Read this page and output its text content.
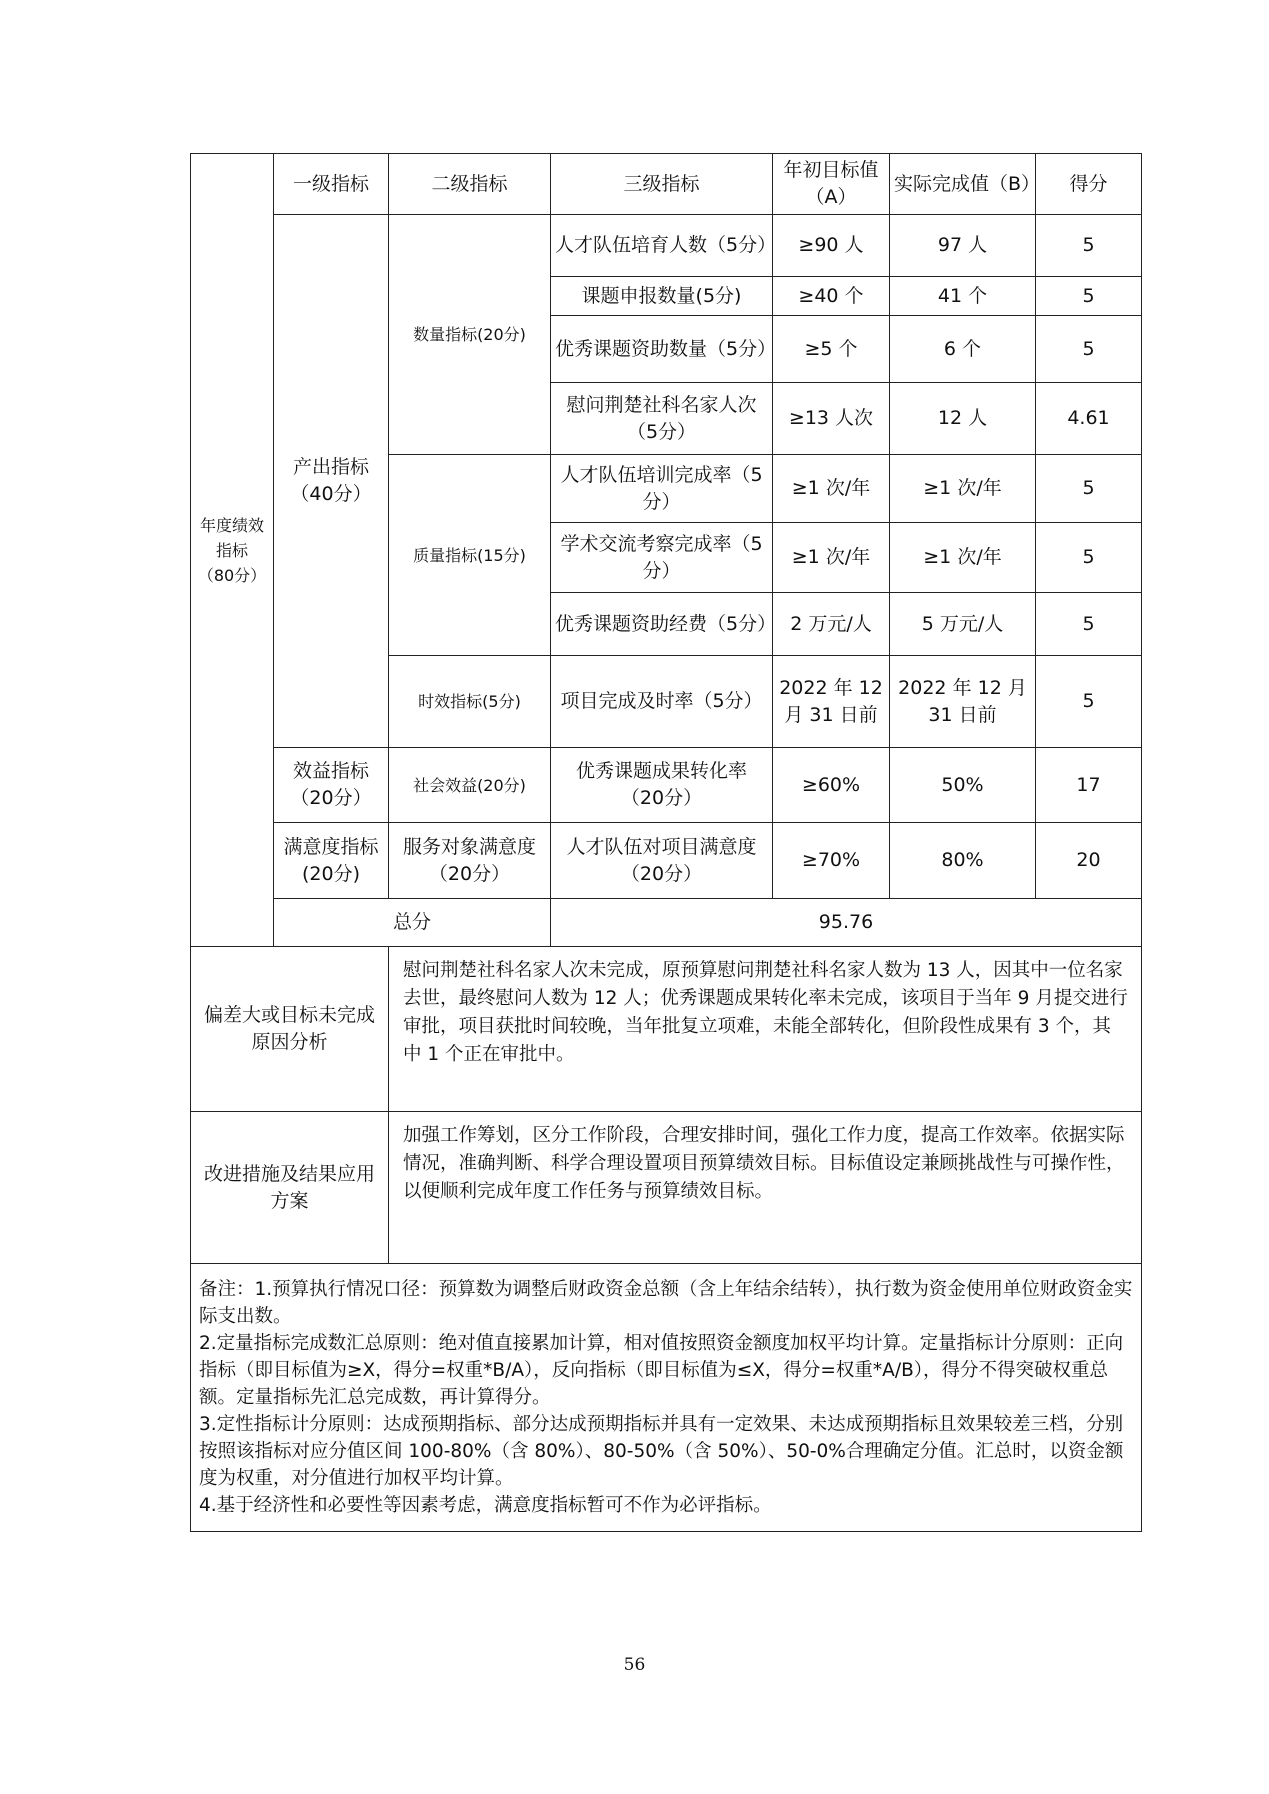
年度绩效指标
（80分）	一级指标	二级指标	三级指标	年初目标值（A）	实际完成值（B）	得分
	产出指标（40分）	数量指标(20分)	人才队伍培育人数（5分）	≥90 人	97 人	5
			课题申报数量(5分)	≥40 个	41 个	5
			优秀课题资助数量（5分）	≥5 个	6 个	5
			慰问荆楚社科名家人次（5分）	≥13 人次	12 人	4.61
		质量指标(15分)	人才队伍培训完成率（5分）	≥1 次/年	≥1 次/年	5
			学术交流考察完成率（5分）	≥1 次/年	≥1 次/年	5
			优秀课题资助经费（5分）	2 万元/人	5 万元/人	5
		时效指标(5分)	项目完成及时率（5分）	2022 年 12 月 31 日前	2022 年 12 月 31 日前	5
	效益指标（20分）	社会效益(20分)	优秀课题成果转化率（20分）	≥60%	50%	17
	满意度指标(20分)	服务对象满意度（20分）	人才队伍对项目满意度（20分）	≥70%	80%	20
	总分		95.76			
偏差大或目标未完成原因分析		慰问荆楚社科名家人次未完成，原预算慰问荆楚社科名家人数为 13 人，因其中一位名家去世，最终慰问人数为 12 人；优秀课题成果转化率未完成，该项目于当年 9 月提交进行审批，项目获批时间较晚，当年批复立项难，未能全部转化，但阶段性成果有 3 个，其中 1 个正在审批中。				
改进措施及结果应用方案		加强工作筹划，区分工作阶段，合理安排时间，强化工作力度，提高工作效率。依据实际情况，准确判断、科学合理设置项目预算绩效目标。目标值设定兼顾挑战性与可操作性，以便顺利完成年度工作任务与预算绩效目标。				

备注：1.预算执行情况口径：预算数为调整后财政资金总额（含上年结余结转），执行数为资金使用单位财政资金实际支出数。
2.定量指标完成数汇总原则：绝对值直接累加计算，相对值按照资金额度加权平均计算。定量指标计分原则：正向指标（即目标值为≥X，得分=权重*B/A），反向指标（即目标值为≤X，得分=权重*A/B），得分不得突破权重总额。定量指标先汇总完成数，再计算得分。
3.定性指标计分原则：达成预期指标、部分达成预期指标并具有一定效果、未达成预期指标且效果较差三档，分别按照该指标对应分值区间 100-80%（含 80%）、80-50%（含 50%）、50-0%合理确定分值。汇总时，以资金额度为权重，对分值进行加权平均计算。
4.基于经济性和必要性等因素考虑，满意度指标暂可不作为必评指标。						
56
